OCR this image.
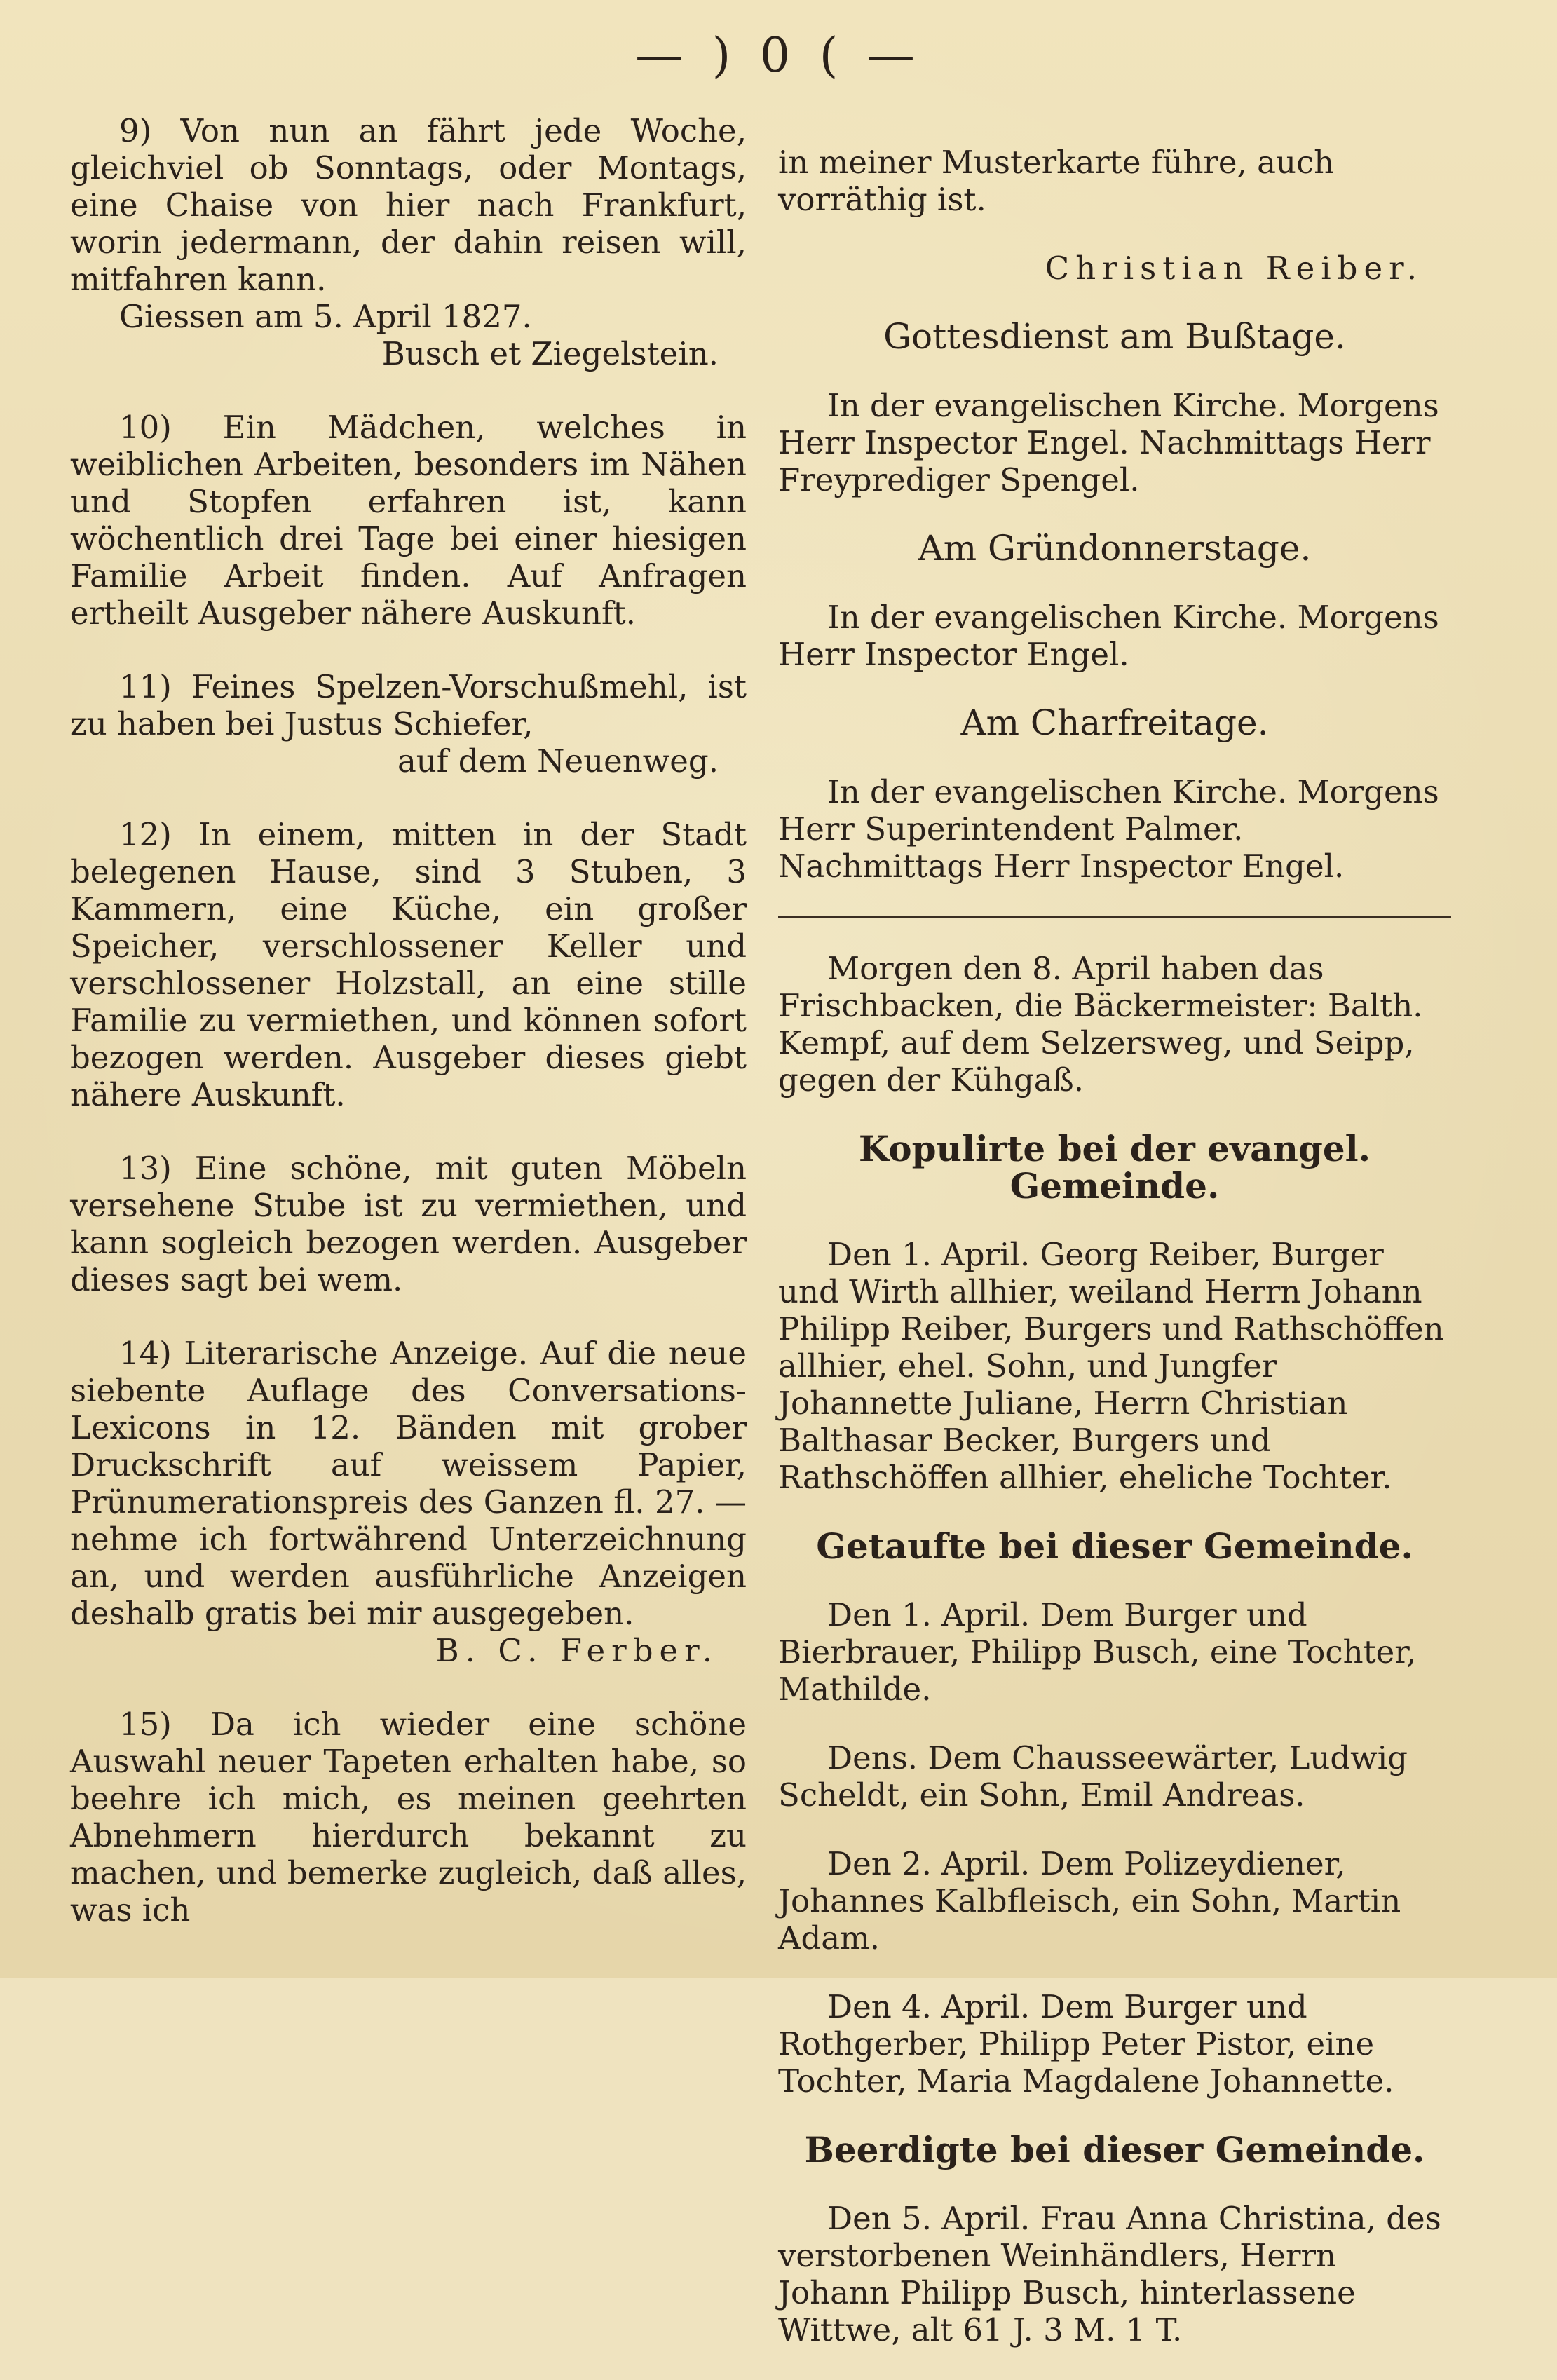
— ) 0 ( —

9) Von nun an fährt jede Woche, gleichviel ob Sonntags, oder Montags, eine Chaise von hier nach Frankfurt, worin jedermann, der dahin reisen will, mitfahren kann.

Giessen am 5. April 1827.

Busch et Ziegelstein.

10) Ein Mädchen, welches in weiblichen Arbeiten, besonders im Nähen und Stopfen erfahren ist, kann wöchentlich drei Tage bei einer hiesigen Familie Arbeit finden. Auf Anfragen ertheilt Ausgeber nähere Auskunft.

11) Feines Spelzen-Vorschußmehl, ist zu haben bei Justus Schiefer,

auf dem Neuenweg.

12) In einem, mitten in der Stadt belegenen Hause, sind 3 Stuben, 3 Kammern, eine Küche, ein großer Speicher, verschlossener Keller und verschlossener Holzstall, an eine stille Familie zu vermiethen, und können sofort bezogen werden. Ausgeber dieses giebt nähere Auskunft.

13) Eine schöne, mit guten Möbeln versehene Stube ist zu vermiethen, und kann sogleich bezogen werden. Ausgeber dieses sagt bei wem.

14) Literarische Anzeige. Auf die neue siebente Auflage des Conversations-Lexicons in 12. Bänden mit grober Druckschrift auf weissem Papier, Prünumerationspreis des Ganzen fl. 27. — nehme ich fortwährend Unterzeichnung an, und werden ausführliche Anzeigen deshalb gratis bei mir ausgegeben.

B. C. Ferber.

15) Da ich wieder eine schöne Auswahl neuer Tapeten erhalten habe, so beehre ich mich, es meinen geehrten Abnehmern hierdurch bekannt zu machen, und bemerke zugleich, daß alles, was ich

in meiner Musterkarte führe, auch vorräthig ist.

Christian Reiber.

Gottesdienst am Bußtage.

In der evangelischen Kirche. Morgens Herr Inspector Engel. Nachmittags Herr Freyprediger Spengel.

Am Gründonnerstage.

In der evangelischen Kirche. Morgens Herr Inspector Engel.

Am Charfreitage.

In der evangelischen Kirche. Morgens Herr Superintendent Palmer. Nachmittags Herr Inspector Engel.

Morgen den 8. April haben das Frischbacken, die Bäckermeister: Balth. Kempf, auf dem Selzersweg, und Seipp, gegen der Kühgaß.

Kopulirte bei der evangel. Gemeinde.

Den 1. April. Georg Reiber, Burger und Wirth allhier, weiland Herrn Johann Philipp Reiber, Burgers und Rathschöffen allhier, ehel. Sohn, und Jungfer Johannette Juliane, Herrn Christian Balthasar Becker, Burgers und Rathschöffen allhier, eheliche Tochter.

Getaufte bei dieser Gemeinde.

Den 1. April. Dem Burger und Bierbrauer, Philipp Busch, eine Tochter, Mathilde.

Dens. Dem Chausseewärter, Ludwig Scheldt, ein Sohn, Emil Andreas.

Den 2. April. Dem Polizeydiener, Johannes Kalbfleisch, ein Sohn, Martin Adam.

Den 4. April. Dem Burger und Rothgerber, Philipp Peter Pistor, eine Tochter, Maria Magdalene Johannette.

Beerdigte bei dieser Gemeinde.

Den 5. April. Frau Anna Christina, des verstorbenen Weinhändlers, Herrn Johann Philipp Busch, hinterlassene Wittwe, alt 61 J. 3 M. 1 T.
